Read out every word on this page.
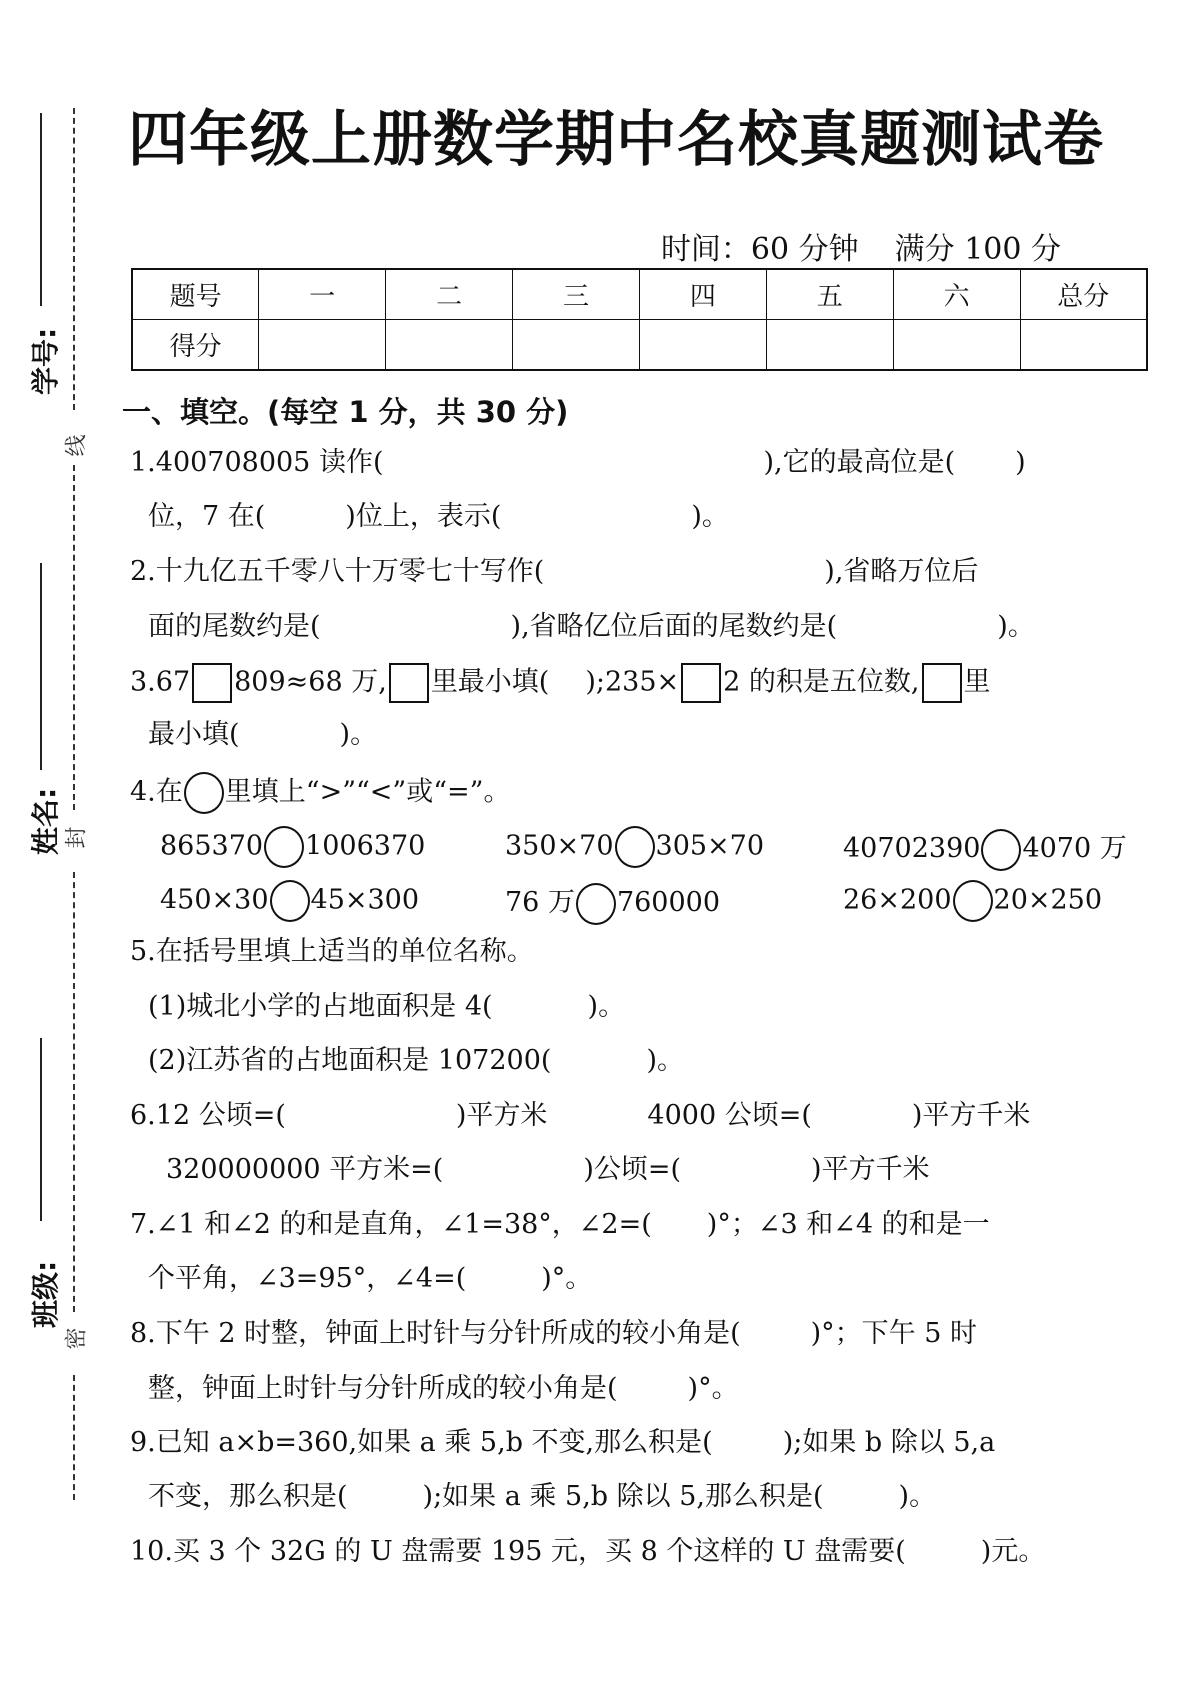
学号:
姓名:
班级:
线
封
密
四年级上册数学期中名校真题测试卷
时间：60 分钟 满分 100 分
题号	一	二	三	四	五	六	总分
得分							
一、填空。(每空 1 分，共 30 分)
1.400708005 读作(	),它的最高位是( )
位，7 在(	)位上，表示(	)。
2.十九亿五千零八十万零七十写作(	),省略万位后
面的尾数约是(	),省略亿位后面的尾数约是(	)。
3.67 809≈68 万, 里最小填( );235× 2 的积是五位数, 里
最小填(	)。
4.在 里填上“>”“<”或“=”。
865370 1006370	350×70 305×70	40702390 4070 万
450×30 45×300	76 万 760000	26×200 20×250
5.在括号里填上适当的单位名称。
(1)城北小学的占地面积是 4(	)。
(2)江苏省的占地面积是 107200(	)。
6.12 公顷=(	)平方米	4000 公顷=(	)平方千米
320000000 平方米=(	)公顷=(	)平方千米
7.∠1 和∠2 的和是直角，∠1=38°，∠2=( )°；∠3 和∠4 的和是一
个平角，∠3=95°，∠4=(	)°。
8.下午 2 时整，钟面上时针与分针所成的较小角是(	)°；下午 5 时
整，钟面上时针与分针所成的较小角是(	)°。
9.已知 a×b=360,如果 a 乘 5,b 不变,那么积是(	);如果 b 除以 5,a
不变，那么积是(	);如果 a 乘 5,b 除以 5,那么积是(	)。
10.买 3 个 32G 的 U 盘需要 195 元，买 8 个这样的 U 盘需要(	)元。
